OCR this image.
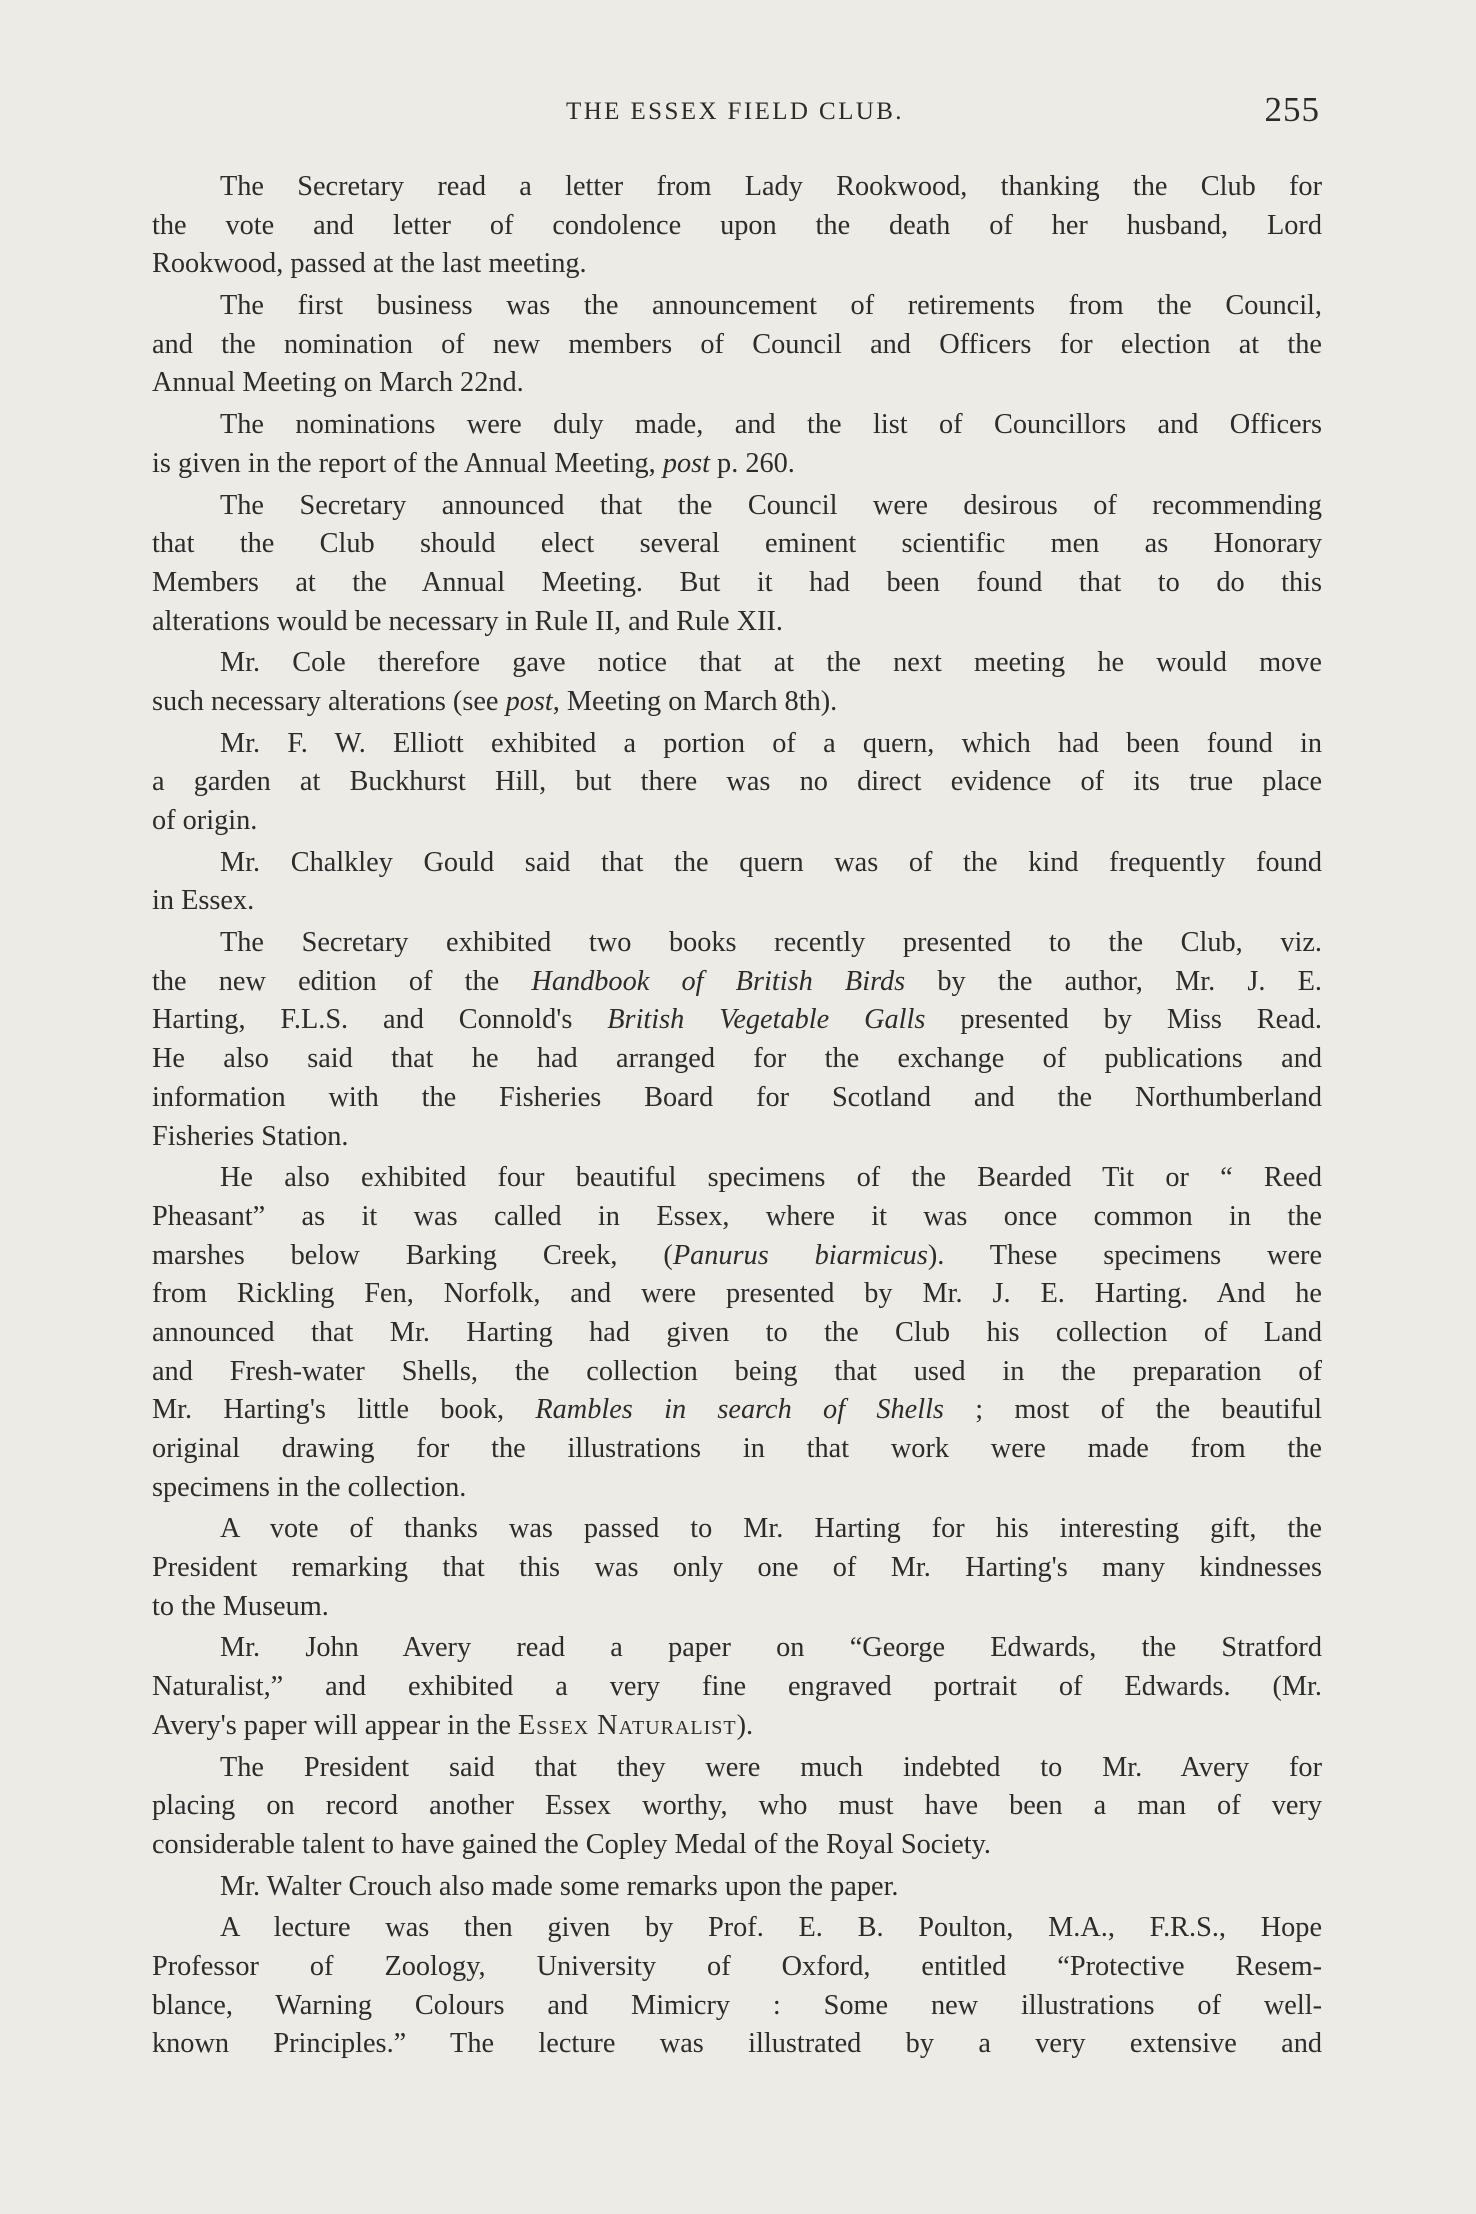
THE ESSEX FIELD CLUB.	255

The Secretary read a letter from Lady Rookwood, thanking the Club for
the vote and letter of condolence upon the death of her husband, Lord
Rookwood, passed at the last meeting.

The first business was the announcement of retirements from the Council,
and the nomination of new members of Council and Officers for election at the
Annual Meeting on March 22nd.

The nominations were duly made, and the list of Councillors and Officers
is given in the report of the Annual Meeting, post p. 260.

The Secretary announced that the Council were desirous of recommending
that the Club should elect several eminent scientific men as Honorary
Members at the Annual Meeting. But it had been found that to do this
alterations would be necessary in Rule II, and Rule XII.

Mr. Cole therefore gave notice that at the next meeting he would move
such necessary alterations (see post, Meeting on March 8th).

Mr. F. W. Elliott exhibited a portion of a quern, which had been found in
a garden at Buckhurst Hill, but there was no direct evidence of its true place
of origin.

Mr. Chalkley Gould said that the quern was of the kind frequently found
in Essex.

The Secretary exhibited two books recently presented to the Club, viz.
the new edition of the Handbook of British Birds by the author, Mr. J. E.
Harting, F.L.S. and Connold's British Vegetable Galls presented by Miss Read.
He also said that he had arranged for the exchange of publications and
information with the Fisheries Board for Scotland and the Northumberland
Fisheries Station.

He also exhibited four beautiful specimens of the Bearded Tit or “ Reed
Pheasant” as it was called in Essex, where it was once common in the
marshes below Barking Creek, (Panurus biarmicus). These specimens were
from Rickling Fen, Norfolk, and were presented by Mr. J. E. Harting. And he
announced that Mr. Harting had given to the Club his collection of Land
and Fresh-water Shells, the collection being that used in the preparation of
Mr. Harting's little book, Rambles in search of Shells ; most of the beautiful
original drawing for the illustrations in that work were made from the
specimens in the collection.

A vote of thanks was passed to Mr. Harting for his interesting gift, the
President remarking that this was only one of Mr. Harting's many kindnesses
to the Museum.

Mr. John Avery read a paper on “George Edwards, the Stratford
Naturalist,” and exhibited a very fine engraved portrait of Edwards. (Mr.
Avery's paper will appear in the Essex Naturalist).

The President said that they were much indebted to Mr. Avery for
placing on record another Essex worthy, who must have been a man of very
considerable talent to have gained the Copley Medal of the Royal Society.

Mr. Walter Crouch also made some remarks upon the paper.

A lecture was then given by Prof. E. B. Poulton, M.A., F.R.S., Hope
Professor of Zoology, University of Oxford, entitled “Protective Resem-
blance, Warning Colours and Mimicry : Some new illustrations of well-
known Principles.” The lecture was illustrated by a very extensive and
